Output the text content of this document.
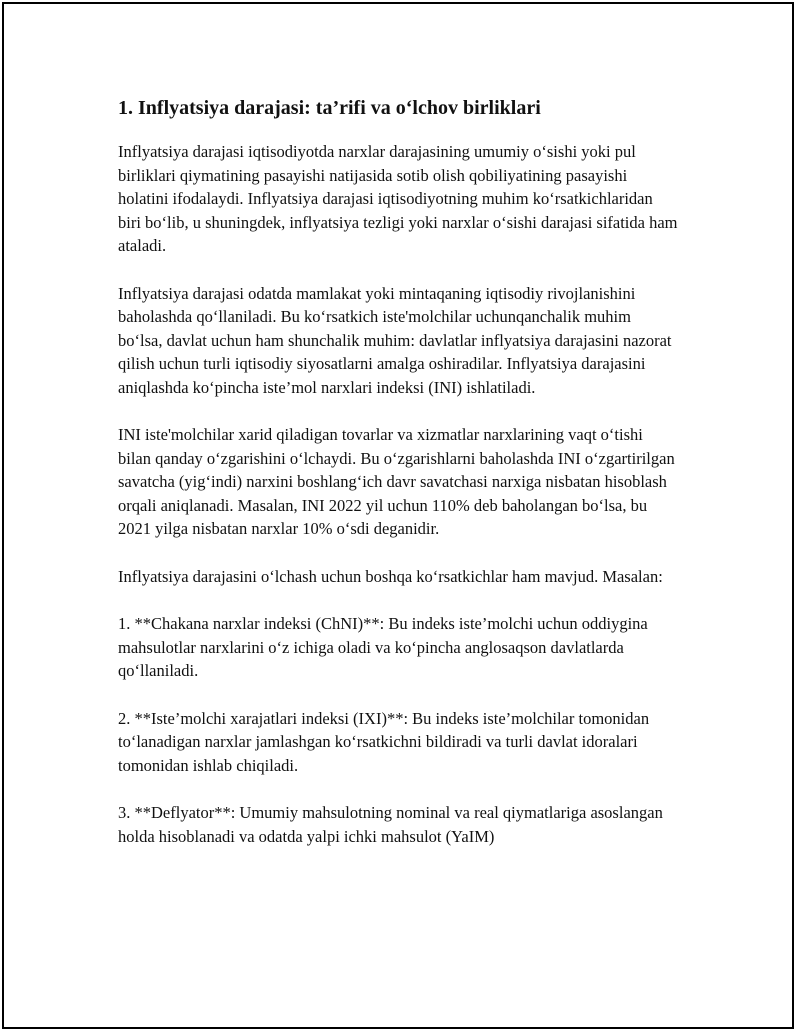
1. Inflyatsiya darajasi: ta’rifi va o‘lchov birliklari

Inflyatsiya darajasi iqtisodiyotda narxlar darajasining umumiy o‘sishi yoki pul birliklari qiymatining pasayishi natijasida sotib olish qobiliyatining pasayishi holatini ifodalaydi. Inflyatsiya darajasi iqtisodiyotning muhim ko‘rsatkichlaridan biri bo‘lib, u shuningdek, inflyatsiya tezligi yoki narxlar o‘sishi darajasi sifatida ham ataladi.

Inflyatsiya darajasi odatda mamlakat yoki mintaqaning iqtisodiy rivojlanishini baholashda qo‘llaniladi. Bu ko‘rsatkich iste'molchilar uchunqanchalik muhim bo‘lsa, davlat uchun ham shunchalik muhim: davlatlar inflyatsiya darajasini nazorat qilish uchun turli iqtisodiy siyosatlarni amalga oshiradilar. Inflyatsiya darajasini aniqlashda ko‘pincha iste’mol narxlari indeksi (INI) ishlatiladi.

INI iste'molchilar xarid qiladigan tovarlar va xizmatlar narxlarining vaqt o‘tishi bilan qanday o‘zgarishini o‘lchaydi. Bu o‘zgarishlarni baholashda INI o‘zgartirilgan savatcha (yig‘indi) narxini boshlang‘ich davr savatchasi narxiga nisbatan hisoblash orqali aniqlanadi. Masalan, INI 2022 yil uchun 110% deb baholangan bo‘lsa, bu 2021 yilga nisbatan narxlar 10% o‘sdi deganidir.

Inflyatsiya darajasini o‘lchash uchun boshqa ko‘rsatkichlar ham mavjud. Masalan:

1. **Chakana narxlar indeksi (ChNI)**: Bu indeks iste’molchi uchun oddiygina mahsulotlar narxlarini o‘z ichiga oladi va ko‘pincha anglosaqson davlatlarda qo‘llaniladi.

2. **Iste’molchi xarajatlari indeksi (IXI)**: Bu indeks iste’molchilar tomonidan to‘lanadigan narxlar jamlashgan ko‘rsatkichni bildiradi va turli davlat idoralari tomonidan ishlab chiqiladi.

3. **Deflyator**: Umumiy mahsulotning nominal va real qiymatlariga asoslangan holda hisoblanadi va odatda yalpi ichki mahsulot (YaIM)
